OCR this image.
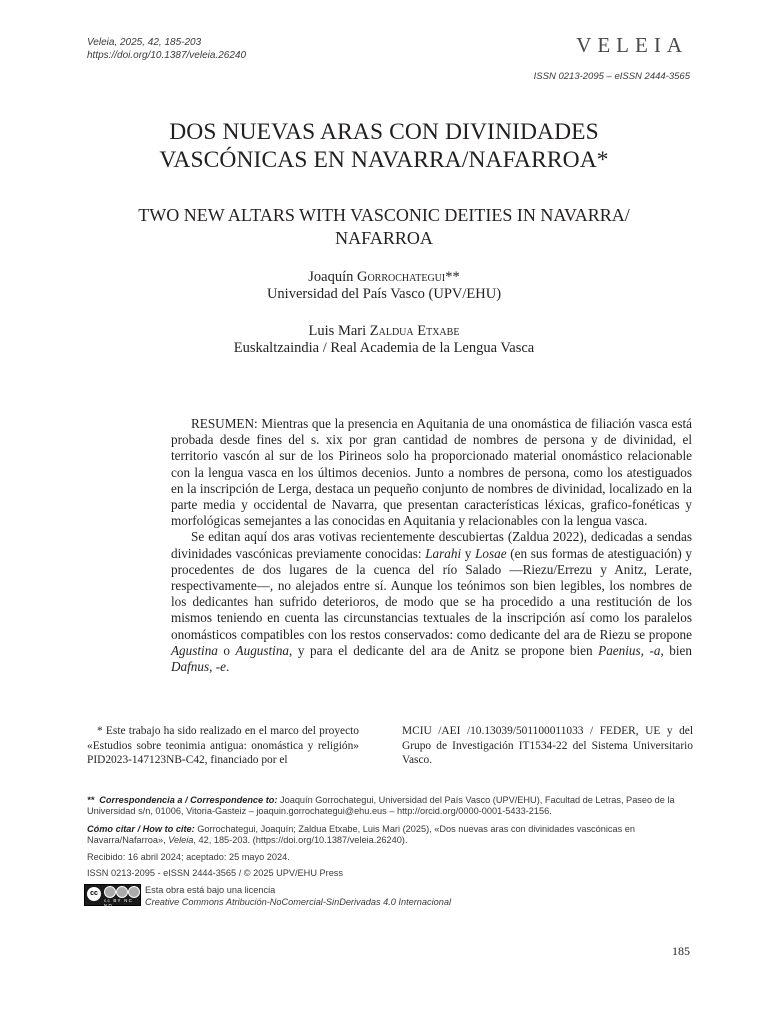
Veleia, 2025, 42, 185-203
https://doi.org/10.1387/veleia.26240	VELEIA
ISSN 0213-2095 – eISSN 2444-3565
DOS NUEVAS ARAS CON DIVINIDADES
VASCÓNICAS EN NAVARRA/NAFARROA*
TWO NEW ALTARS WITH VASCONIC DEITIES IN NAVARRA/
NAFARROA
Joaquín Gorrochategui**
Universidad del País Vasco (UPV/EHU)
Luis Mari Zaldua Etxabe
Euskaltzaindia / Real Academia de la Lengua Vasca

RESUMEN: Mientras que la presencia en Aquitania de una onomástica de filiación vasca está probada desde fines del s. xix por gran cantidad de nombres de persona y de divinidad, el territorio vascón al sur de los Pirineos solo ha proporcionado material onomástico relacionable con la lengua vasca en los últimos decenios. Junto a nombres de persona, como los atestiguados en la inscripción de Lerga, destaca un pequeño conjunto de nombres de divinidad, localizado en la parte media y occidental de Navarra, que presentan características léxicas, grafico-fonéticas y morfológicas semejantes a las conocidas en Aquitania y relacionables con la lengua vasca.

Se editan aquí dos aras votivas recientemente descubiertas (Zaldua 2022), dedicadas a sendas divinidades vascónicas previamente conocidas: Larahi y Losae (en sus formas de atestiguación) y procedentes de dos lugares de la cuenca del río Salado —Riezu/Errezu y Anitz, Lerate, respectivamente—, no alejados entre sí. Aunque los teónimos son bien legibles, los nombres de los dedicantes han sufrido deterioros, de modo que se ha procedido a una restitución de los mismos teniendo en cuenta las circunstancias textuales de la inscripción así como los paralelos onomásticos compatibles con los restos conservados: como dedicante del ara de Riezu se propone Agustina o Augustina, y para el dedicante del ara de Anitz se propone bien Paenius, -a, bien Dafnus, -e.

* Este trabajo ha sido realizado en el marco del proyecto «Estudios sobre teonimia antigua: onomástica y religión» PID2023-147123NB-C42, financiado por el
MCIU /AEI /10.13039/501100011033 / FEDER, UE y del Grupo de Investigación IT1534-22 del Sistema Universitario Vasco.
** Correspondencia a / Correspondence to: Joaquín Gorrochategui, Universidad del País Vasco (UPV/EHU), Facultad de Letras, Paseo de la Universidad s/n, 01006, Vitoria-Gasteiz – joaquin.gorrochategui@ehu.eus – http://orcid.org/0000-0001-5433-2156.
Cómo citar / How to cite: Gorrochategui, Joaquín; Zaldua Etxabe, Luis Mari (2025), «Dos nuevas aras con divinidades vascónicas en Navarra/Nafarroa», Veleia, 42, 185-203. (https://doi.org/10.1387/veleia.26240).
Recibido: 16 abril 2024; aceptado: 25 mayo 2024.
ISSN 0213-2095 - eISSN 2444-3565 / © 2025 UPV/EHU Press
cc
cc BY NC ND
Esta obra está bajo una licencia
Creative Commons Atribución-NoComercial-SinDerivadas 4.0 Internacional
185
